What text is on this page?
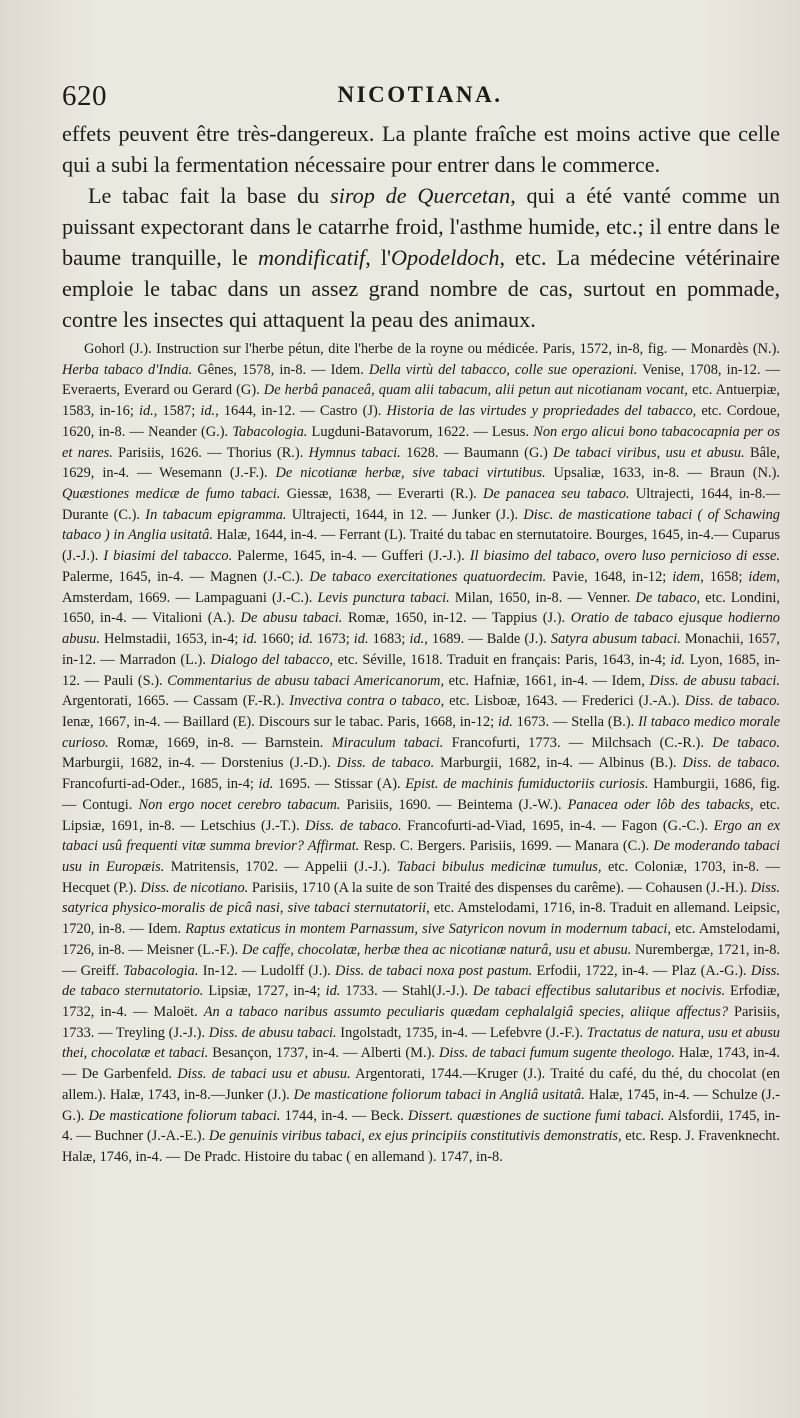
620	NICOTIANA.

effets peuvent être très-dangereux. La plante fraîche est moins active que celle qui a subi la fermentation nécessaire pour entrer dans le commerce.

Le tabac fait la base du sirop de Quercetan, qui a été vanté comme un puissant expectorant dans le catarrhe froid, l'asthme humide, etc.; il entre dans le baume tranquille, le mondificatif, l'Opodeldoch, etc. La médecine vétérinaire emploie le tabac dans un assez grand nombre de cas, surtout en pommade, contre les insectes qui attaquent la peau des animaux.

Gohorl (J.). Instruction sur l'herbe pétun, dite l'herbe de la royne ou médicée. Paris, 1572, in-8, fig. — Monardès (N.). Herba tabaco d'India. Gênes, 1578, in-8. — Idem. Della virtù del tabacco, colle sue operazioni. Venise, 1708, in-12. — Everaerts, Everard ou Gerard (G). De herbâ panaceâ, quam alii tabacum, alii petun aut nicotianam vocant, etc. Antuerpiæ, 1583, in-16; id., 1587; id., 1644, in-12. — Castro (J). Historia de las virtudes y propriedades del tabacco, etc. Cordoue, 1620, in-8. — Neander (G.). Tabacologia. Lugduni-Batavorum, 1622. — Lesus. Non ergo alicui bono tabacocapnia per os et nares. Parisiis, 1626. — Thorius (R.). Hymnus tabaci. 1628. — Baumann (G.) De tabaci viribus, usu et abusu. Bâle, 1629, in-4. — Wesemann (J.-F.). De nicotianæ herbæ, sive tabaci virtutibus. Upsaliæ, 1633, in-8. — Braun (N.). Quæstiones medicæ de fumo tabaci. Giessæ, 1638, — Everarti (R.). De panacea seu tabaco. Ultrajecti, 1644, in-8.—Durante (C.). In tabacum epigramma. Ultrajecti, 1644, in 12. — Junker (J.). Disc. de masticatione tabaci ( of Schawing tabaco ) in Anglia usitatâ. Halæ, 1644, in-4. — Ferrant (L). Traité du tabac en sternutatoire. Bourges, 1645, in-4.— Cuparus (J.-J.). I biasimi del tabacco. Palerme, 1645, in-4. — Gufferi (J.-J.). Il biasimo del tabaco, overo luso pernicioso di esse. Palerme, 1645, in-4. — Magnen (J.-C.). De tabaco exercitationes quatuordecim. Pavie, 1648, in-12; idem, 1658; idem, Amsterdam, 1669. — Lampaguani (J.-C.). Levis punctura tabaci. Milan, 1650, in-8. — Venner. De tabaco, etc. Londini, 1650, in-4. — Vitalioni (A.). De abusu tabaci. Romæ, 1650, in-12. — Tappius (J.). Oratio de tabaco ejusque hodierno abusu. Helmstadii, 1653, in-4; id. 1660; id. 1673; id. 1683; id., 1689. — Balde (J.). Satyra abusum tabaci. Monachii, 1657, in-12. — Marradon (L.). Dialogo del tabacco, etc. Séville, 1618. Traduit en français: Paris, 1643, in-4; id. Lyon, 1685, in-12. — Pauli (S.). Commentarius de abusu tabaci Americanorum, etc. Hafniæ, 1661, in-4. — Idem, Diss. de abusu tabaci. Argentorati, 1665. — Cassam (F.-R.). Invectiva contra o tabaco, etc. Lisboæ, 1643. — Frederici (J.-A.). Diss. de tabaco. Ienæ, 1667, in-4. — Baillard (E). Discours sur le tabac. Paris, 1668, in-12; id. 1673. — Stella (B.). Il tabaco medico morale curioso. Romæ, 1669, in-8. — Barnstein. Miraculum tabaci. Francofurti, 1773. — Milchsach (C.-R.). De tabaco. Marburgii, 1682, in-4. — Dorstenius (J.-D.). Diss. de tabaco. Marburgii, 1682, in-4. — Albinus (B.). Diss. de tabaco. Francofurti-ad-Oder., 1685, in-4; id. 1695. — Stissar (A). Epist. de machinis fumiductoriis curiosis. Hamburgii, 1686, fig. — Contugi. Non ergo nocet cerebro tabacum. Parisiis, 1690. — Beintema (J.-W.). Panacea oder lôb des tabacks, etc. Lipsiæ, 1691, in-8. — Letschius (J.-T.). Diss. de tabaco. Francofurti-ad-Viad, 1695, in-4. — Fagon (G.-C.). Ergo an ex tabaci usû frequenti vitæ summa brevior? Affirmat. Resp. C. Bergers. Parisiis, 1699. — Manara (C.). De moderando tabaci usu in Europæis. Matritensis, 1702. — Appelii (J.-J.). Tabaci bibulus medicinæ tumulus, etc. Coloniæ, 1703, in-8. — Hecquet (P.). Diss. de nicotiano. Parisiis, 1710 (A la suite de son Traité des dispenses du carême). — Cohausen (J.-H.). Diss. satyrica physico-moralis de picâ nasi, sive tabaci sternutatorii, etc. Amstelodami, 1716, in-8. Traduit en allemand. Leipsic, 1720, in-8. — Idem. Raptus extaticus in montem Parnassum, sive Satyricon novum in modernum tabaci, etc. Amstelodami, 1726, in-8. — Meisner (L.-F.). De caffe, chocolatæ, herbæ thea ac nicotianæ naturâ, usu et abusu. Nurembergæ, 1721, in-8. — Greiff. Tabacologia. In-12. — Ludolff (J.). Diss. de tabaci noxa post pastum. Erfodii, 1722, in-4. — Plaz (A.-G.). Diss. de tabaco sternutatorio. Lipsiæ, 1727, in-4; id. 1733. — Stahl(J.-J.). De tabaci effectibus salutaribus et nocivis. Erfodiæ, 1732, in-4. — Maloët. An a tabaco naribus assumto peculiaris quædam cephalalgiâ species, aliique affectus? Parisiis, 1733. — Treyling (J.-J.). Diss. de abusu tabaci. Ingolstadt, 1735, in-4. — Lefebvre (J.-F.). Tractatus de natura, usu et abusu thei, chocolatæ et tabaci. Besançon, 1737, in-4. — Alberti (M.). Diss. de tabaci fumum sugente theologo. Halæ, 1743, in-4. — De Garbenfeld. Diss. de tabaci usu et abusu. Argentorati, 1744.—Kruger (J.). Traité du café, du thé, du chocolat (en allem.). Halæ, 1743, in-8.—Junker (J.). De masticatione foliorum tabaci in Angliâ usitatâ. Halæ, 1745, in-4. — Schulze (J.-G.). De masticatione foliorum tabaci. 1744, in-4. — Beck. Dissert. quæstiones de suctione fumi tabaci. Alsfordii, 1745, in-4. — Buchner (J.-A.-E.). De genuinis viribus tabaci, ex ejus principiis constitutivis demonstratis, etc. Resp. J. Fravenknecht. Halæ, 1746, in-4. — De Pradc. Histoire du tabac ( en allemand ). 1747, in-8.
